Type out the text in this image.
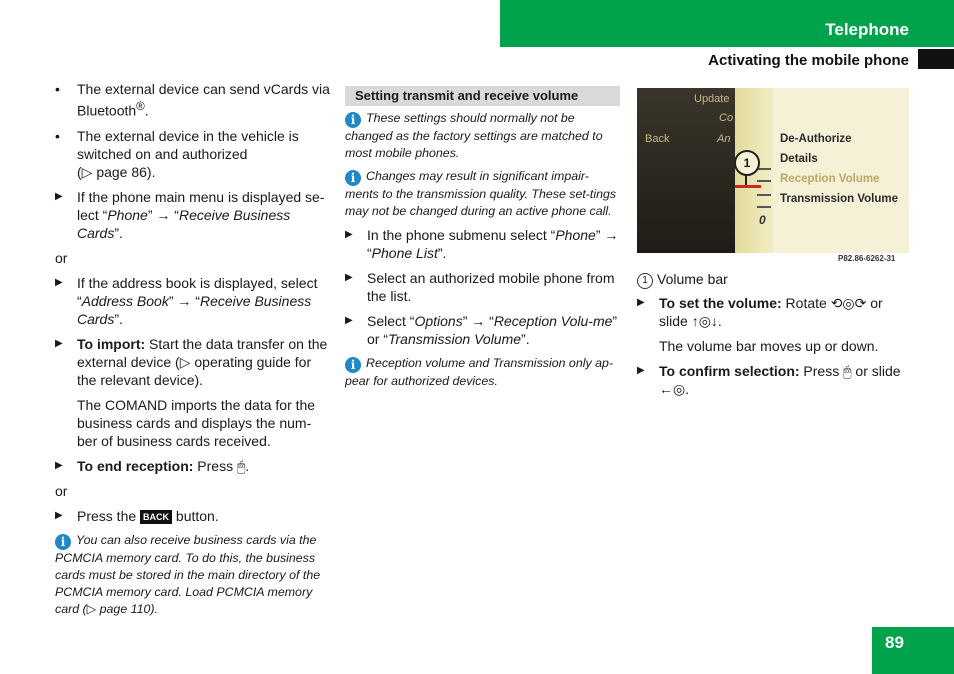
Telephone
Activating the mobile phone
• The external device can send vCards via Bluetooth®.
• The external device in the vehicle is switched on and authorized
(▷ page 86).
▶ If the phone main menu is displayed se-lect “Phone” → “Receive Business Cards”.
or
▶ If the address book is displayed, select “Address Book” → “Receive Business Cards”.
▶ To import: Start the data transfer on the external device (▷ operating guide for the relevant device).
The COMAND imports the data for the business cards and displays the num-ber of business cards received.
▶ To end reception: Press 🖱.
or
▶ Press the BACK button.
i You can also receive business cards via the PCMCIA memory card. To do this, the business cards must be stored in the main directory of the PCMCIA memory card. Load PCMCIA memory card (▷ page 110).
Setting transmit and receive volume
i These settings should normally not be changed as the factory settings are matched to most mobile phones.
i Changes may result in significant impair-ments to the transmission quality. These set-tings may not be changed during an active phone call.
▶ In the phone submenu select “Phone” → “Phone List”.
▶ Select an authorized mobile phone from the list.
▶ Select “Options” → “Reception Volu-me” or “Transmission Volume”.
i Reception volume and Transmission only ap-pear for authorized devices.
Update
Co
Back	An
1
0
De-Authorize
Details
Reception Volume
Transmission Volume
P82.86-6262-31
1 Volume bar
▶ To set the volume: Rotate ⟲◎⟳ or slide ↑◎↓.
The volume bar moves up or down.
▶ To confirm selection: Press 🖱 or slide ←◎.
89
